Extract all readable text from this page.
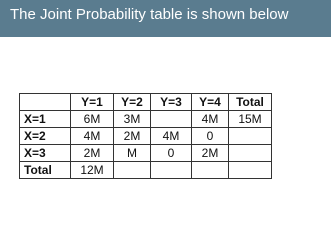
The Joint Probability table is shown below
	Y=1	Y=2	Y=3	Y=4	Total
X=1	6M	3M		4M	15M
X=2	4M	2M	4M	0	
X=3	2M	M	0	2M	
Total	12M				
